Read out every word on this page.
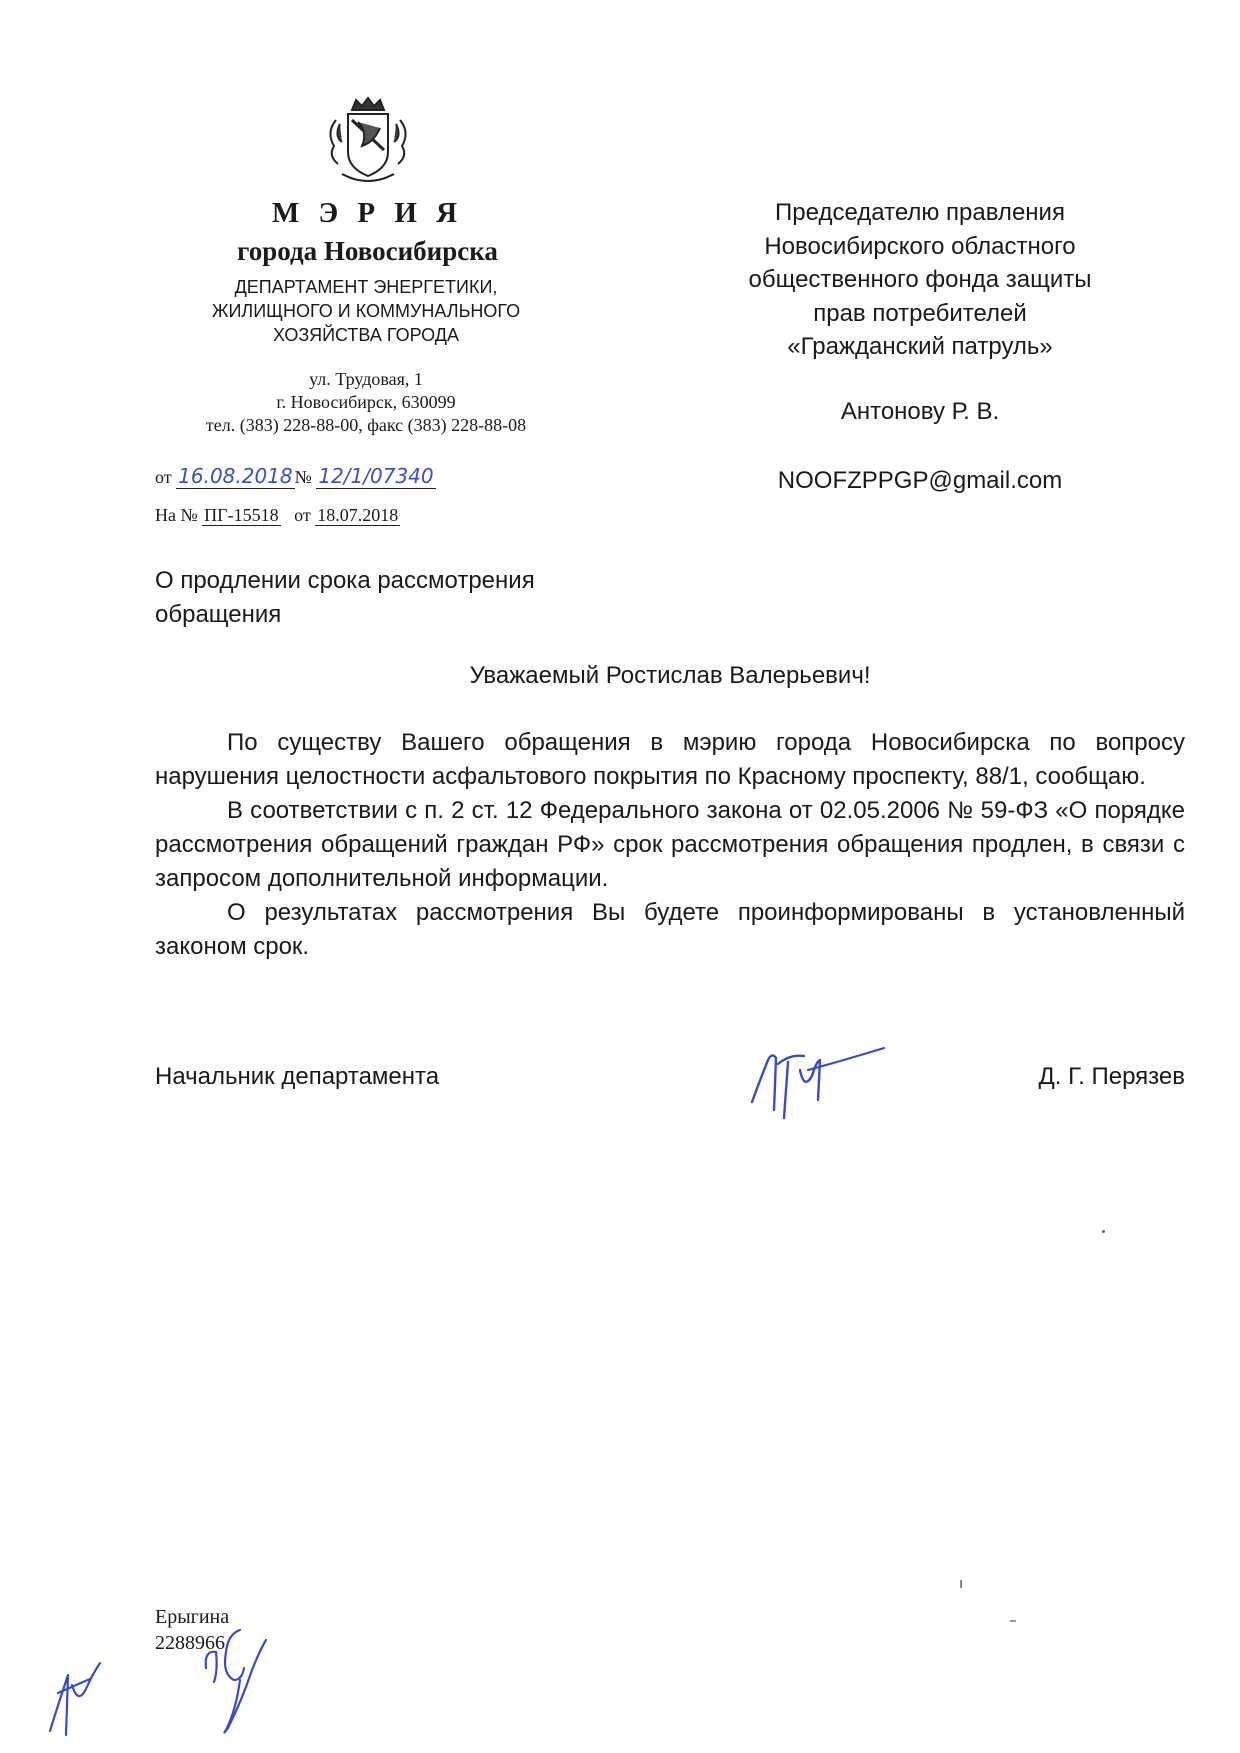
М Э Р И Я
города Новосибирска
ДЕПАРТАМЕНТ ЭНЕРГЕТИКИ,
ЖИЛИЩНОГО И КОММУНАЛЬНОГО
ХОЗЯЙСТВА ГОРОДА
ул. Трудовая, 1
г. Новосибирск, 630099
тел. (383) 228-88-00, факс (383) 228-88-08
от 16.08.2018 № 12/1/07340
На № ПГ-15518 от 18.07.2018
Председателю правления
Новосибирского областного
общественного фонда защиты
прав потребителей
«Гражданский патруль»
Антонову Р. В.
NOOFZPPGP@gmail.com
О продлении срока рассмотрения
обращения
Уважаемый Ростислав Валерьевич!

По существу Вашего обращения в мэрию города Новосибирска по вопросу нарушения целостности асфальтового покрытия по Красному проспекту, 88/1, сообщаю.

В соответствии с п. 2 ст. 12 Федерального закона от 02.05.2006 № 59-ФЗ «О порядке рассмотрения обращений граждан РФ» срок рассмотрения обращения продлен, в связи с запросом дополнительной информации.

О результатах рассмотрения Вы будете проинформированы в установленный законом срок.

Начальник департамента	Д. Г. Перязев
Ерыгина
2288966
